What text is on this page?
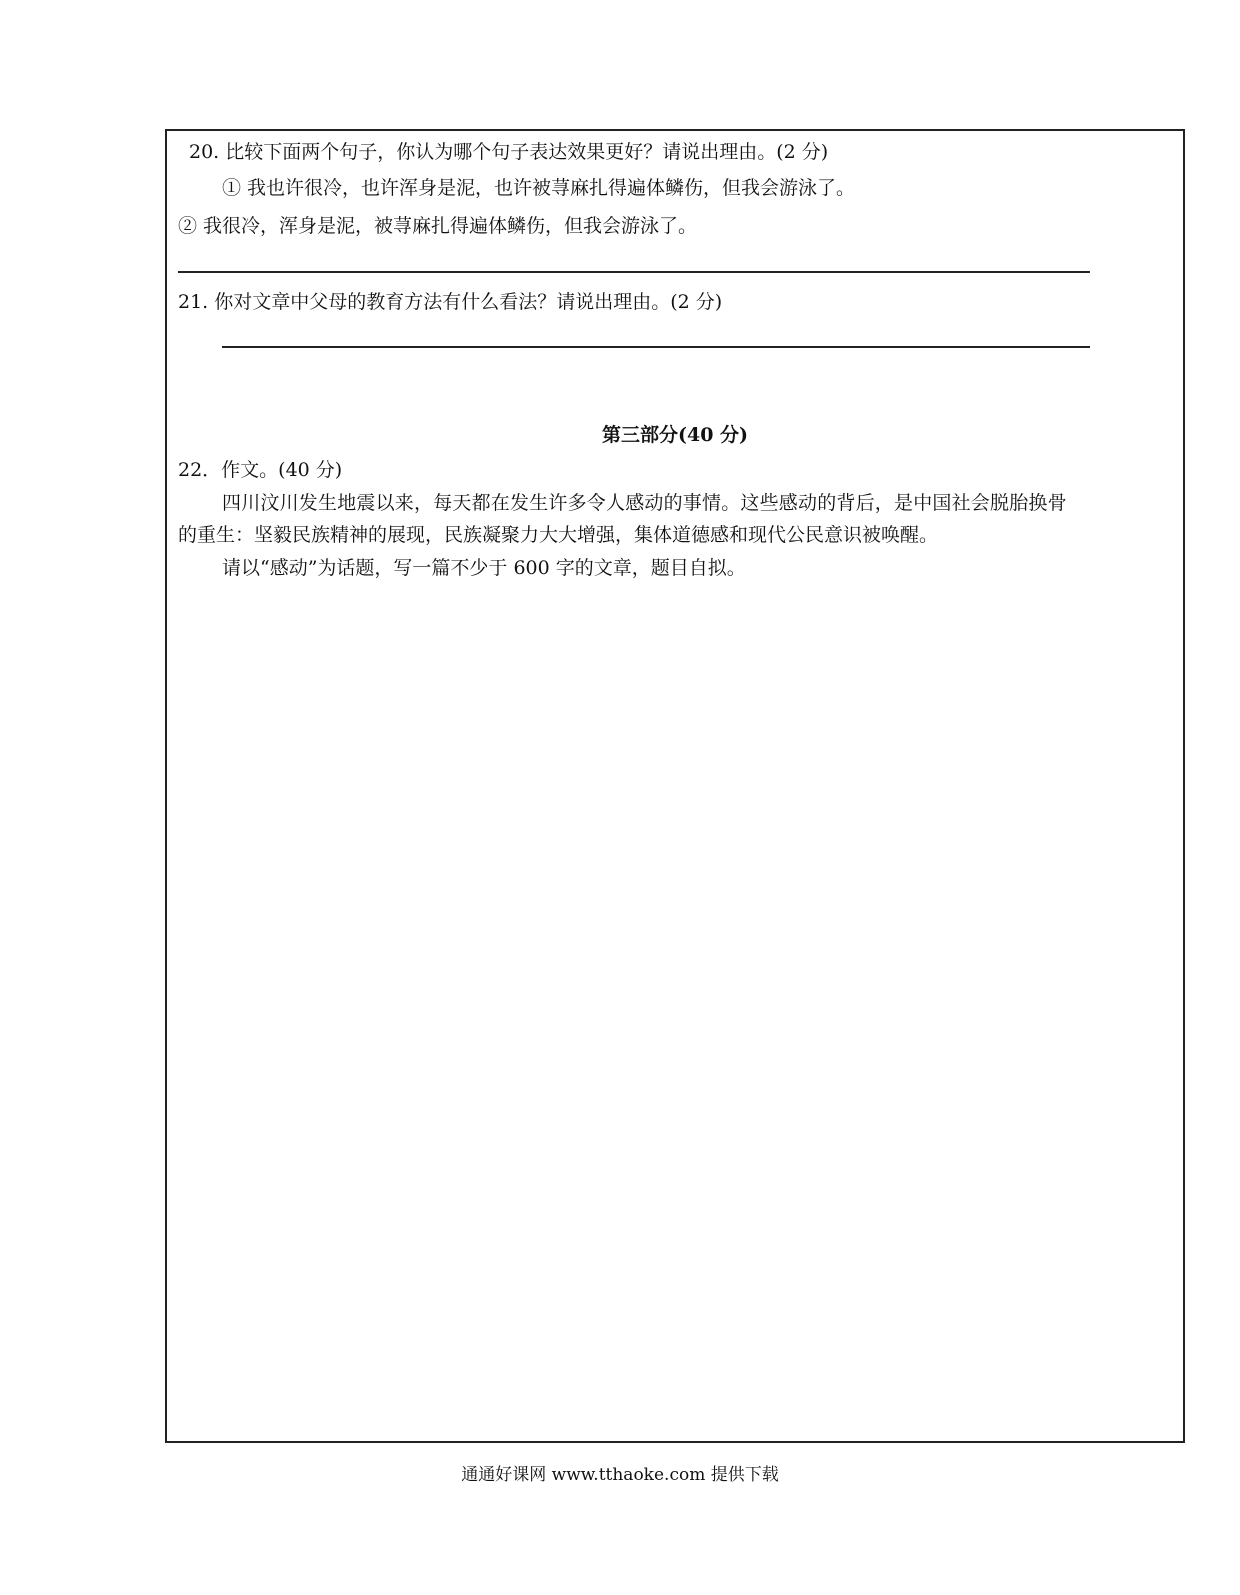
20. 比较下面两个句子，你认为哪个句子表达效果更好？请说出理由。(2 分)
① 我也许很冷，也许浑身是泥，也许被荨麻扎得遍体鳞伤，但我会游泳了。
② 我很冷，浑身是泥，被荨麻扎得遍体鳞伤，但我会游泳了。
21. 你对文章中父母的教育方法有什么看法？请说出理由。(2 分)
第三部分(40 分)
22．作文。(40 分)
四川汶川发生地震以来，每天都在发生许多令人感动的事情。这些感动的背后，是中国社会脱胎换骨
的重生：坚毅民族精神的展现，民族凝聚力大大增强，集体道德感和现代公民意识被唤醒。
请以“感动”为话题，写一篇不少于 600 字的文章，题目自拟。
通通好课网 www.tthaoke.com 提供下载
